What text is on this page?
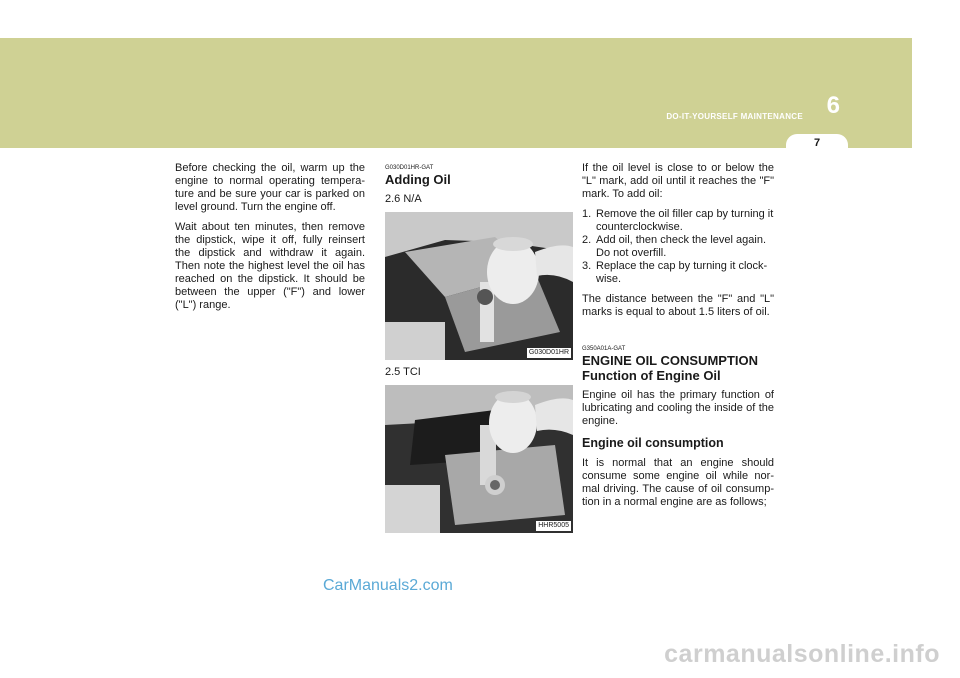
6
DO-IT-YOURSELF MAINTENANCE
7

Before checking the oil, warm up the engine to normal operating tempera-ture and be sure your car is parked on level ground. Turn the engine off.

Wait about ten minutes, then remove the dipstick, wipe it off, fully reinsert the dipstick and withdraw it again. Then note the highest level the oil has reached on the dipstick. It should be between the upper ("F") and lower ("L") range.

G030D01HR-GAT
Adding Oil
2.6 N/A
G030D01HR
2.5 TCI
HHR5005

If the oil level is close to or below the "L" mark, add oil until it reaches the "F" mark. To add oil:

1. Remove the oil filler cap by turning it counterclockwise.
2. Add oil, then check the level again. Do not overfill.
3. Replace the cap by turning it clock-wise.

The distance between the "F" and "L" marks is equal to about 1.5 liters of oil.

G350A01A-GAT
ENGINE OIL CONSUMPTION
Function of Engine Oil

Engine oil has the primary function of lubricating and cooling the inside of the engine.

Engine oil consumption

It is normal that an engine should consume some engine oil while nor-mal driving. The cause of oil consump-tion in a normal engine are as follows;

CarManuals2.com
carmanualsonline.info
